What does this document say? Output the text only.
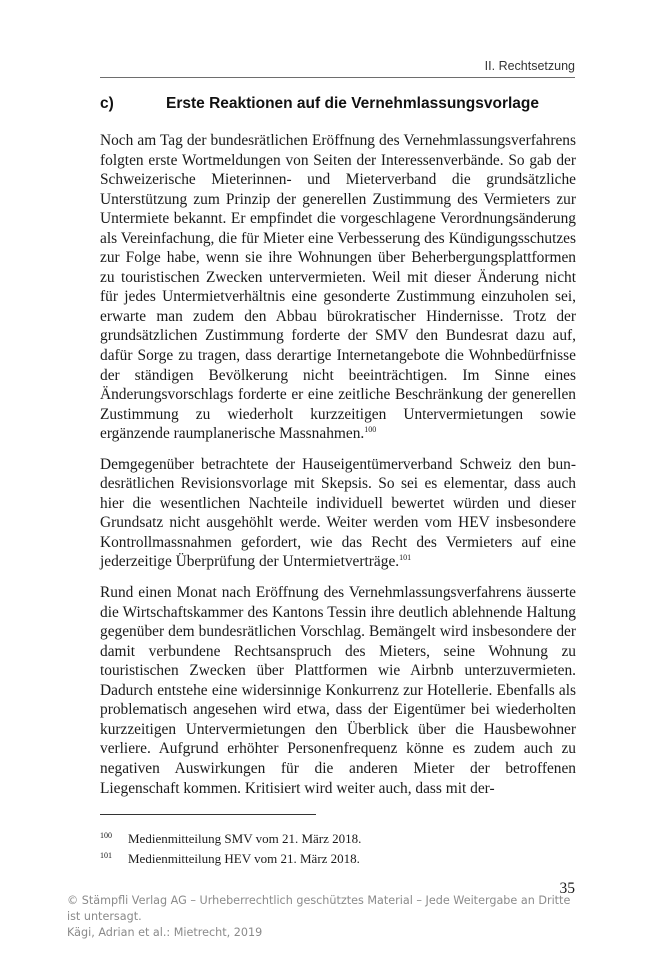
II. Rechtsetzung
c)	Erste Reaktionen auf die Vernehmlassungsvorlage

Noch am Tag der bundesrätlichen Eröffnung des Vernehmlassungsverfahrens folgten erste Wortmeldungen von Seiten der Interessenverbände. So gab der Schweizerische Mieterinnen- und Mieterverband die grundsätzliche Unterstützung zum Prinzip der generellen Zustimmung des Vermieters zur Untermiete bekannt. Er empfindet die vorgeschlagene Verordnungsänderung als Vereinfachung, die für Mieter eine Verbesserung des Kündigungsschutzes zur Folge habe, wenn sie ihre Wohnungen über Beherbergungsplattformen zu touristischen Zwecken untervermieten. Weil mit dieser Änderung nicht für jedes Untermietverhältnis eine gesonderte Zustimmung einzuholen sei, erwarte man zudem den Abbau bürokratischer Hindernisse. Trotz der grundsätzlichen Zustimmung forderte der SMV den Bundesrat dazu auf, dafür Sorge zu tragen, dass derartige Internetangebote die Wohnbedürfnisse der ständigen Bevölkerung nicht beeinträchtigen. Im Sinne eines Änderungsvorschlags forderte er eine zeitliche Beschränkung der generellen Zustimmung zu wiederholt kurzzeitigen Untervermietungen sowie ergänzende raumplanerische Massnahmen.$^{100}$

Demgegenüber betrachtete der Hauseigentümerverband Schweiz den bundesrätlichen Revisionsvorlage mit Skepsis. So sei es elementar, dass auch hier die wesentlichen Nachteile individuell bewertet würden und dieser Grundsatz nicht ausgehöhlt werde. Weiter werden vom HEV insbesondere Kontrollmassnahmen gefordert, wie das Recht des Vermieters auf eine jederzeitige Überprüfung der Untermietverträge.$^{101}$

Rund einen Monat nach Eröffnung des Vernehmlassungsverfahrens äusserte die Wirtschaftskammer des Kantons Tessin ihre deutlich ablehnende Haltung gegenüber dem bundesrätlichen Vorschlag. Bemängelt wird insbesondere der damit verbundene Rechtsanspruch des Mieters, seine Wohnung zu touristischen Zwecken über Plattformen wie Airbnb unterzuvermieten. Dadurch entstehe eine widersinnige Konkurrenz zur Hotellerie. Ebenfalls als problematisch angesehen wird etwa, dass der Eigentümer bei wiederholten kurzzeitigen Untervermietungen den Überblick über die Hausbewohner verliere. Aufgrund erhöhter Personenfrequenz könne es zudem auch zu negativen Auswirkungen für die anderen Mieter der betroffenen Liegenschaft kommen. Kritisiert wird weiter auch, dass mit der-

100	Medienmitteilung SMV vom 21. März 2018.
101	Medienmitteilung HEV vom 21. März 2018.
35
© Stämpfli Verlag AG – Urheberrechtlich geschütztes Material – Jede Weitergabe an Dritte ist untersagt.
Kägi, Adrian et al.: Mietrecht, 2019
